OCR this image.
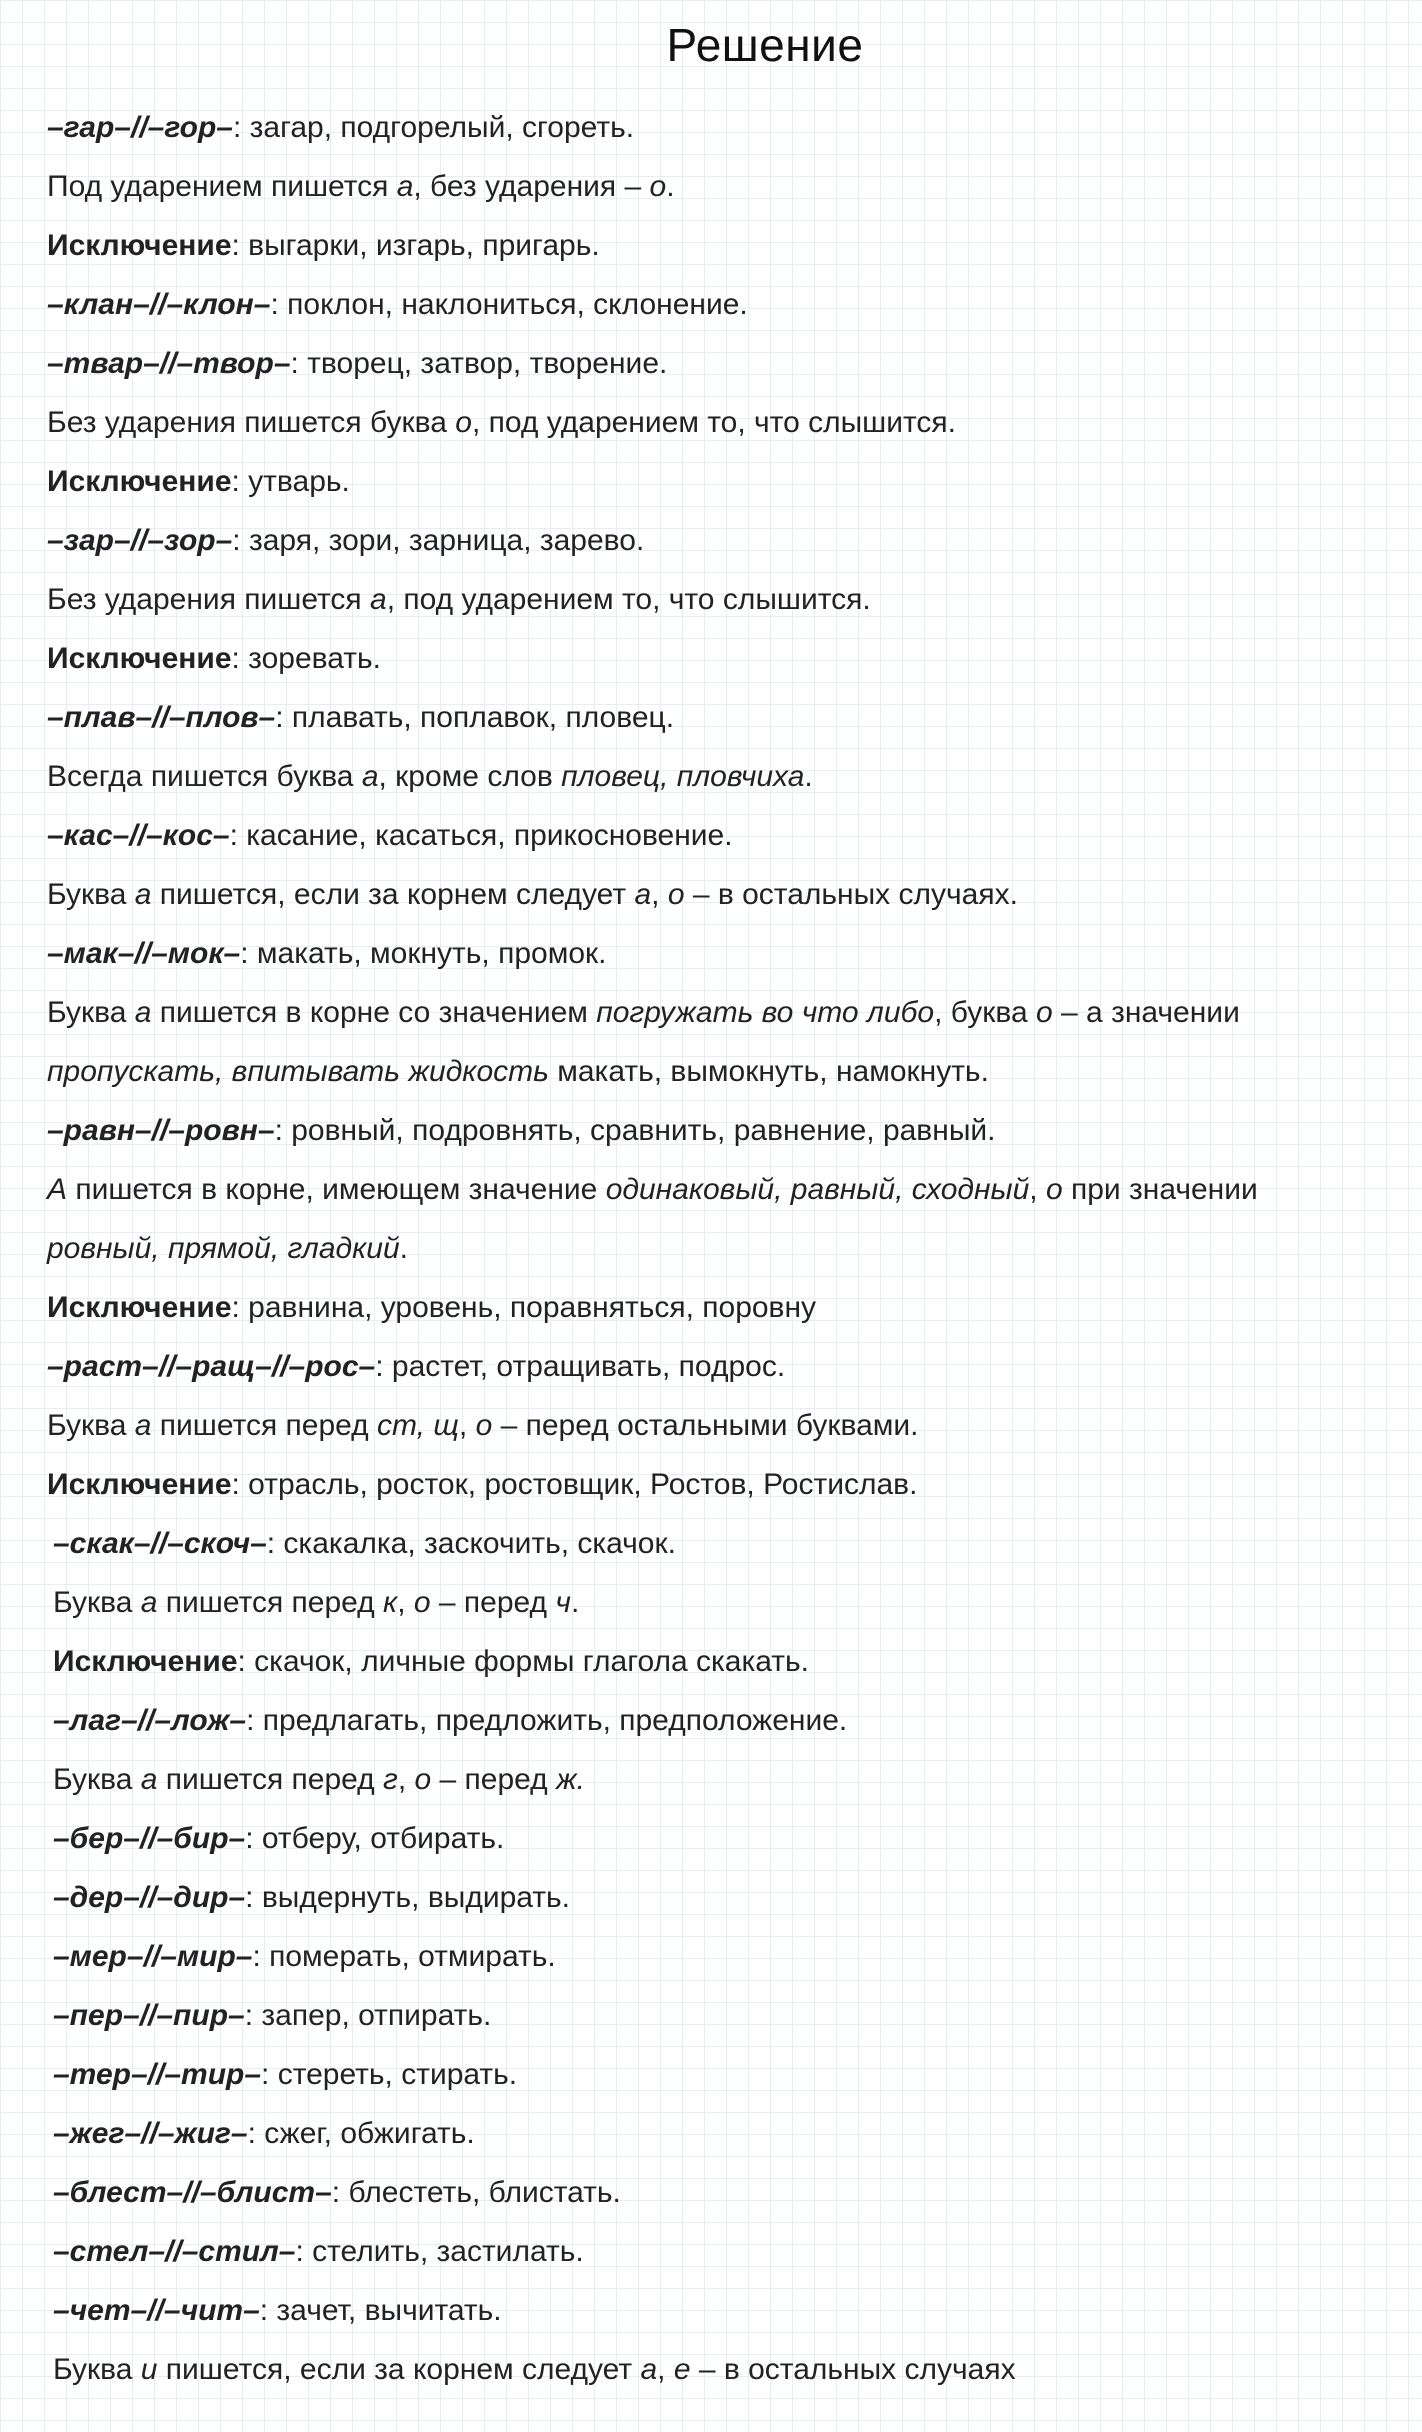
Решение
–гар–//–гор–: загар, подгорелый, сгореть.
Под ударением пишется а, без ударения – о.
Исключение: выгарки, изгарь, пригарь.
–клан–//–клон–: поклон, наклониться, склонение.
–твар–//–твор–: творец, затвор, творение.
Без ударения пишется буква о, под ударением то, что слышится.
Исключение: утварь.
–зар–//–зор–: заря, зори, зарница, зарево.
Без ударения пишется а, под ударением то, что слышится.
Исключение: зоревать.
–плав–//–плов–: плавать, поплавок, пловец.
Всегда пишется буква а, кроме слов пловец, пловчиха.
–кас–//–кос–: касание, касаться, прикосновение.
Буква а пишется, если за корнем следует а, о – в остальных случаях.
–мак–//–мок–: макать, мокнуть, промок.
Буква а пишется в корне со значением погружать во что либо, буква о – а значении
пропускать, впитывать жидкость макать, вымокнуть, намокнуть.
–равн–//–ровн–: ровный, подровнять, сравнить, равнение, равный.
А пишется в корне, имеющем значение одинаковый, равный, сходный, о при значении
ровный, прямой, гладкий.
Исключение: равнина, уровень, поравняться, поровну
–раст–//–ращ–//–рос–: растет, отращивать, подрос.
Буква а пишется перед ст, щ, о – перед остальными буквами.
Исключение: отрасль, росток, ростовщик, Ростов, Ростислав.
–скак–//–скоч–: скакалка, заскочить, скачок.
Буква а пишется перед к, о – перед ч.
Исключение: скачок, личные формы глагола скакать.
–лаг–//–лож–: предлагать, предложить, предположение.
Буква а пишется перед г, о – перед ж.
–бер–//–бир–: отберу, отбирать.
–дер–//–дир–: выдернуть, выдирать.
–мер–//–мир–: померать, отмирать.
–пер–//–пир–: запер, отпирать.
–тер–//–тир–: стереть, стирать.
–жег–//–жиг–: сжег, обжигать.
–блест–//–блист–: блестеть, блистать.
–стел–//–стил–: стелить, застилать.
–чет–//–чит–: зачет, вычитать.
Буква и пишется, если за корнем следует а, е – в остальных случаях
